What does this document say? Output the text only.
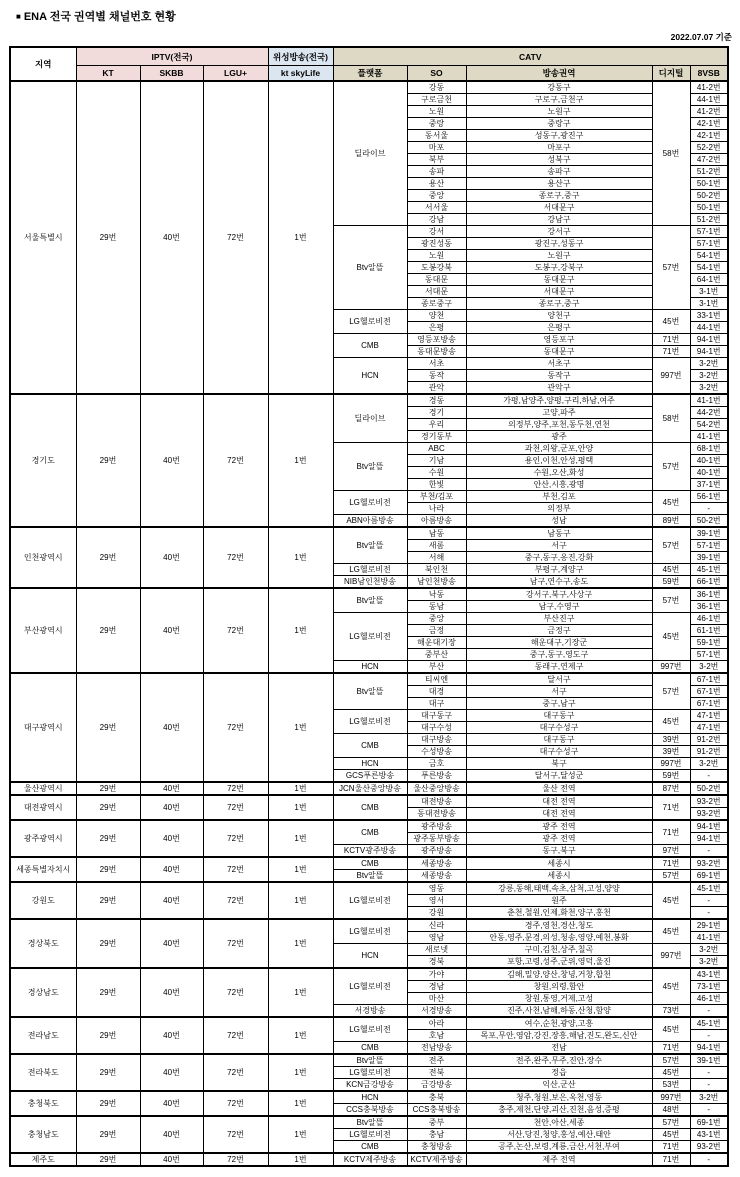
■ ENA 전국 권역별 채널번호 현황
2022.07.07 기준
지역	IPTV(전국)			위성방송(전국)	CATV				
	KT	SKBB	LGU+	kt skyLife	플랫폼	SO	방송권역	디지털	8VSB
서울특별시	29번	40번	72번	1번	딜라이브	강동	강동구	58번	41-2번
						구로금천	구로구,금천구		44-1번
						노원	노원구		41-2번
						중랑	중랑구		42-1번
						동서울	성동구,광진구		42-1번
						마포	마포구		52-2번
						북부	성북구		47-2번
						송파	송파구		51-2번
						용산	용산구		50-1번
						중앙	종로구,중구		50-2번
						서서울	서대문구		50-1번
						강남	강남구		51-2번
					Btv알뜰	강서	강서구	57번	57-1번
						광진성동	광진구,성동구		57-1번
						노원	노원구		54-1번
						도봉강북	도봉구,강북구		54-1번
						동대문	동대문구		64-1번
						서대문	서대문구		3-1번
						종로중구	종로구,중구		3-1번
					LG헬로비전	양천	양천구	45번	33-1번
						은평	은평구		44-1번
					CMB	영등포방송	영등포구	71번	94-1번
						동대문방송	동대문구	71번	94-1번
					HCN	서초	서초구	997번	3-2번
						동작	동작구		3-2번
						관악	관악구		3-2번
경기도	29번	40번	72번	1번	딜라이브	경동	가평,남양주,양평,구리,하남,여주	58번	41-1번
						경기	고양,파주		44-2번
						우리	의정부,양주,포천,동두천,연천		54-2번
						경기동부	광주		41-1번
					Btv알뜰	ABC	과천,의왕,군포,안양	57번	68-1번
						기남	용인,이천,안성,평택		40-1번
						수원	수원,오산,화성		40-1번
						한빛	안산,시흥,광명		37-1번
					LG헬로비전	부천/김포	부천,김포	45번	56-1번
						나라	의정부		-
					ABN아름방송	아름방송	성남	89번	50-2번
인천광역시	29번	40번	72번	1번	Btv알뜰	남동	남동구	57번	39-1번
						새롬	서구		57-1번
						서해	중구,동구,옹진,강화		39-1번
					LG헬로비전	북인천	부평구,계양구	45번	45-1번
					NIB남인천방송	남인천방송	남구,연수구,송도	59번	66-1번
부산광역시	29번	40번	72번	1번	Btv알뜰	낙동	강서구,북구,사상구	57번	36-1번
						동남	남구,수영구		36-1번
					LG헬로비전	중앙	부산진구	45번	46-1번
						금정	금정구		61-1번
						해운대기장	해운대구,기장군		59-1번
						중부산	중구,동구,영도구		57-1번
					HCN	부산	동래구,연제구	997번	3-2번
대구광역시	29번	40번	72번	1번	Btv알뜰	티씨엔	달서구	57번	67-1번
						대경	서구		67-1번
						대구	중구,남구		67-1번
					LG헬로비전	대구동구	대구동구	45번	47-1번
						대구수성	대구수성구		47-1번
					CMB	대구방송	대구동구	39번	91-2번
						수성방송	대구수성구	39번	91-2번
					HCN	금호	북구	997번	3-2번
					GCS푸른방송	푸른방송	달서구,달성군	59번	-
울산광역시	29번	40번	72번	1번	JCN울산중앙방송	울산중앙방송	울산 전역	87번	50-2번
대전광역시	29번	40번	72번	1번	CMB	대전방송	대전 전역	71번	93-2번
						동대전방송	대전 전역		93-2번
광주광역시	29번	40번	72번	1번	CMB	광주방송	광주 전역	71번	94-1번
						광주동부방송	광주 전역		94-1번
					KCTV광주방송	광주방송	동구,북구	97번	-
세종특별자치시	29번	40번	72번	1번	CMB	세종방송	세종시	71번	93-2번
					Btv알뜰	세종방송	세종시	57번	69-1번
강원도	29번	40번	72번	1번	LG헬로비전	영동	강릉,동해,태백,속초,삼척,고성,양양	45번	45-1번
						영서	원주		-
						강원	춘천,철원,인제,화천,양구,홍천		-
경상북도	29번	40번	72번	1번	LG헬로비전	신라	경주,영천,경산,청도	45번	29-1번
						영남	안동,영주,문경,의성,청송,영양,예천,봉화		41-1번
					HCN	새로넷	구미,김천,상주,칠곡	997번	3-2번
						경북	포항,고령,성주,군위,영덕,울진		3-2번
경상남도	29번	40번	72번	1번	LG헬로비전	가야	김해,밀양,양산,창녕,거창,합천	45번	43-1번
						경남	창원,의령,함안		73-1번
						마산	창원,통영,거제,고성		46-1번
					서경방송	서경방송	진주,사천,남해,하동,산청,함양	73번	-
전라남도	29번	40번	72번	1번	LG헬로비전	아라	여수,순천,광양,고흥	45번	45-1번
						호남	목포,무안,영암,강진,장흥,해남,진도,완도,신안		-
					CMB	전남방송	전남	71번	94-1번
전라북도	29번	40번	72번	1번	Btv알뜰	전주	전주,완주,무주,진안,장수	57번	39-1번
					LG헬로비전	전북	정읍	45번	-
					KCN금강방송	금강방송	익산,군산	53번	-
충청북도	29번	40번	72번	1번	HCN	충북	청주,청원,보은,옥천,영동	997번	3-2번
					CCS충북방송	CCS충북방송	충주,제천,단양,괴산,진천,음성,증평	48번	-
충청남도	29번	40번	72번	1번	Btv알뜰	중부	천안,아산,세종	57번	69-1번
					LG헬로비전	충남	서산,당진,청양,홍성,예산,태안	45번	43-1번
					CMB	충청방송	공주,논산,보령,계룡,금산,서천,부여	71번	93-2번
제주도	29번	40번	72번	1번	KCTV제주방송	KCTV제주방송	제주 전역	71번	-
